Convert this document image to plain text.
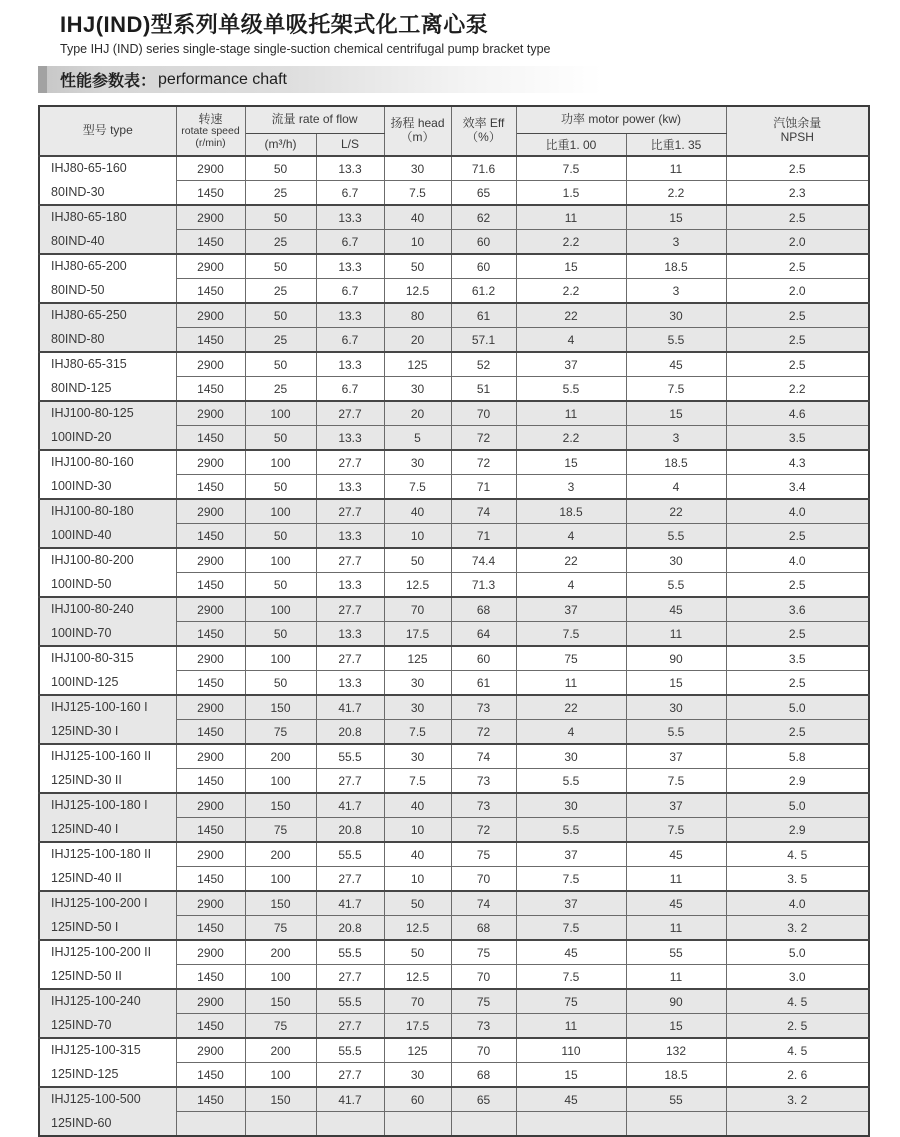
IHJ(IND)型系列单级单吸托架式化工离心泵
Type IHJ (IND) series single-stage single-suction chemical centrifugal pump bracket type
性能参数表： performance chaft
型号 type	转速
rotate speed
(r/min)	流量 rate of flow		扬程 head
（m）	效率 Eff
（%）	功率 motor power (kw)		汽蚀余量
NPSH

		(m³/h)	L/S			比重1. 00	比重1. 35	

IHJ80-65-160
80IND-30	2900	50	13.3	30	71.6	7.5	11	2.5
	1450	25	6.7	7.5	65	1.5	2.2	2.3

IHJ80-65-180
80IND-40	2900	50	13.3	40	62	11	15	2.5
	1450	25	6.7	10	60	2.2	3	2.0

IHJ80-65-200
80IND-50	2900	50	13.3	50	60	15	18.5	2.5
	1450	25	6.7	12.5	61.2	2.2	3	2.0

IHJ80-65-250
80IND-80	2900	50	13.3	80	61	22	30	2.5
	1450	25	6.7	20	57.1	4	5.5	2.5

IHJ80-65-315
80IND-125	2900	50	13.3	125	52	37	45	2.5
	1450	25	6.7	30	51	5.5	7.5	2.2

IHJ100-80-125
100IND-20	2900	100	27.7	20	70	11	15	4.6
	1450	50	13.3	5	72	2.2	3	3.5

IHJ100-80-160
100IND-30	2900	100	27.7	30	72	15	18.5	4.3
	1450	50	13.3	7.5	71	3	4	3.4

IHJ100-80-180
100IND-40	2900	100	27.7	40	74	18.5	22	4.0
	1450	50	13.3	10	71	4	5.5	2.5

IHJ100-80-200
100IND-50	2900	100	27.7	50	74.4	22	30	4.0
	1450	50	13.3	12.5	71.3	4	5.5	2.5

IHJ100-80-240
100IND-70	2900	100	27.7	70	68	37	45	3.6
	1450	50	13.3	17.5	64	7.5	11	2.5

IHJ100-80-315
100IND-125	2900	100	27.7	125	60	75	90	3.5
	1450	50	13.3	30	61	11	15	2.5

IHJ125-100-160 I
125IND-30 I	2900	150	41.7	30	73	22	30	5.0
	1450	75	20.8	7.5	72	4	5.5	2.5

IHJ125-100-160 II
125IND-30 II	2900	200	55.5	30	74	30	37	5.8
	1450	100	27.7	7.5	73	5.5	7.5	2.9

IHJ125-100-180 I
125IND-40 I	2900	150	41.7	40	73	30	37	5.0
	1450	75	20.8	10	72	5.5	7.5	2.9

IHJ125-100-180 II
125IND-40 II	2900	200	55.5	40	75	37	45	4. 5
	1450	100	27.7	10	70	7.5	11	3. 5

IHJ125-100-200 I
125IND-50 I	2900	150	41.7	50	74	37	45	4.0
	1450	75	20.8	12.5	68	7.5	11	3. 2

IHJ125-100-200 II
125IND-50 II	2900	200	55.5	50	75	45	55	5.0
	1450	100	27.7	12.5	70	7.5	11	3.0

IHJ125-100-240
125IND-70	2900	150	55.5	70	75	75	90	4. 5
	1450	75	27.7	17.5	73	11	15	2. 5

IHJ125-100-315
125IND-125	2900	200	55.5	125	70	110	132	4. 5
	1450	100	27.7	30	68	15	18.5	2. 6

IHJ125-100-500
125IND-60	1450	150	41.7	60	65	45	55	3. 2
